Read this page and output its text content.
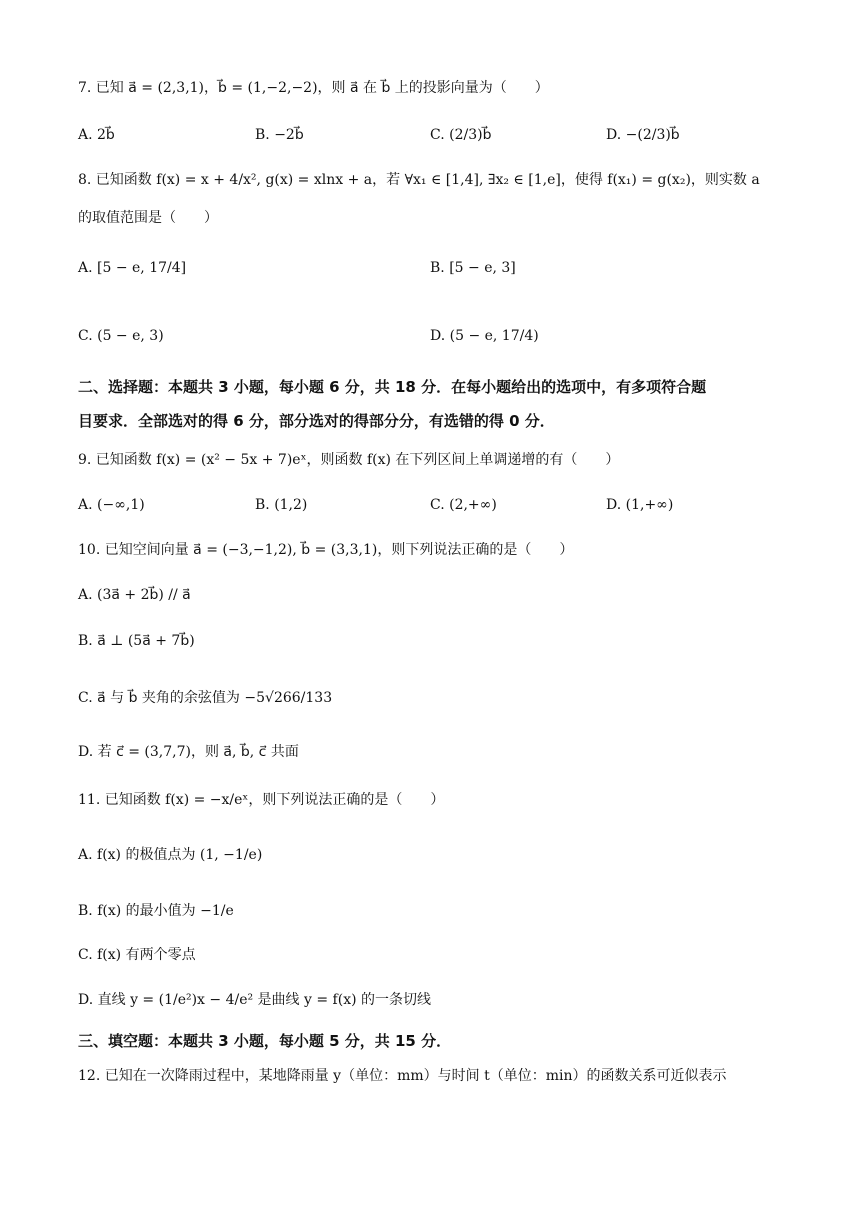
7. 已知 a⃗ = (2,3,1)，b⃗ = (1,−2,−2)，则 a⃗ 在 b⃗ 上的投影向量为（　　）
A. 2b⃗	B. −2b⃗	C. (2/3)b⃗	D. −(2/3)b⃗
8. 已知函数 f(x) = x + 4/x², g(x) = xlnx + a，若 ∀x₁ ∈ [1,4], ∃x₂ ∈ [1,e]，使得 f(x₁) = g(x₂)，则实数 a
的取值范围是（　　）
A. [5 − e, 17/4]	B. [5 − e, 3]
C. (5 − e, 3)	D. (5 − e, 17/4)
二、选择题：本题共 3 小题，每小题 6 分，共 18 分．在每小题给出的选项中，有多项符合题
目要求．全部选对的得 6 分，部分选对的得部分分，有选错的得 0 分．
9. 已知函数 f(x) = (x² − 5x + 7)eˣ，则函数 f(x) 在下列区间上单调递增的有（　　）
A. (−∞,1)	B. (1,2)	C. (2,+∞)	D. (1,+∞)
10. 已知空间向量 a⃗ = (−3,−1,2), b⃗ = (3,3,1)，则下列说法正确的是（　　）
A. (3a⃗ + 2b⃗) // a⃗
B. a⃗ ⊥ (5a⃗ + 7b⃗)
C. a⃗ 与 b⃗ 夹角的余弦值为 −5√266/133
D. 若 c⃗ = (3,7,7)，则 a⃗, b⃗, c⃗ 共面
11. 已知函数 f(x) = −x/eˣ，则下列说法正确的是（　　）
A. f(x) 的极值点为 (1, −1/e)
B. f(x) 的最小值为 −1/e
C. f(x) 有两个零点
D. 直线 y = (1/e²)x − 4/e² 是曲线 y = f(x) 的一条切线
三、填空题：本题共 3 小题，每小题 5 分，共 15 分．
12. 已知在一次降雨过程中，某地降雨量 y（单位：mm）与时间 t（单位：min）的函数关系可近似表示
